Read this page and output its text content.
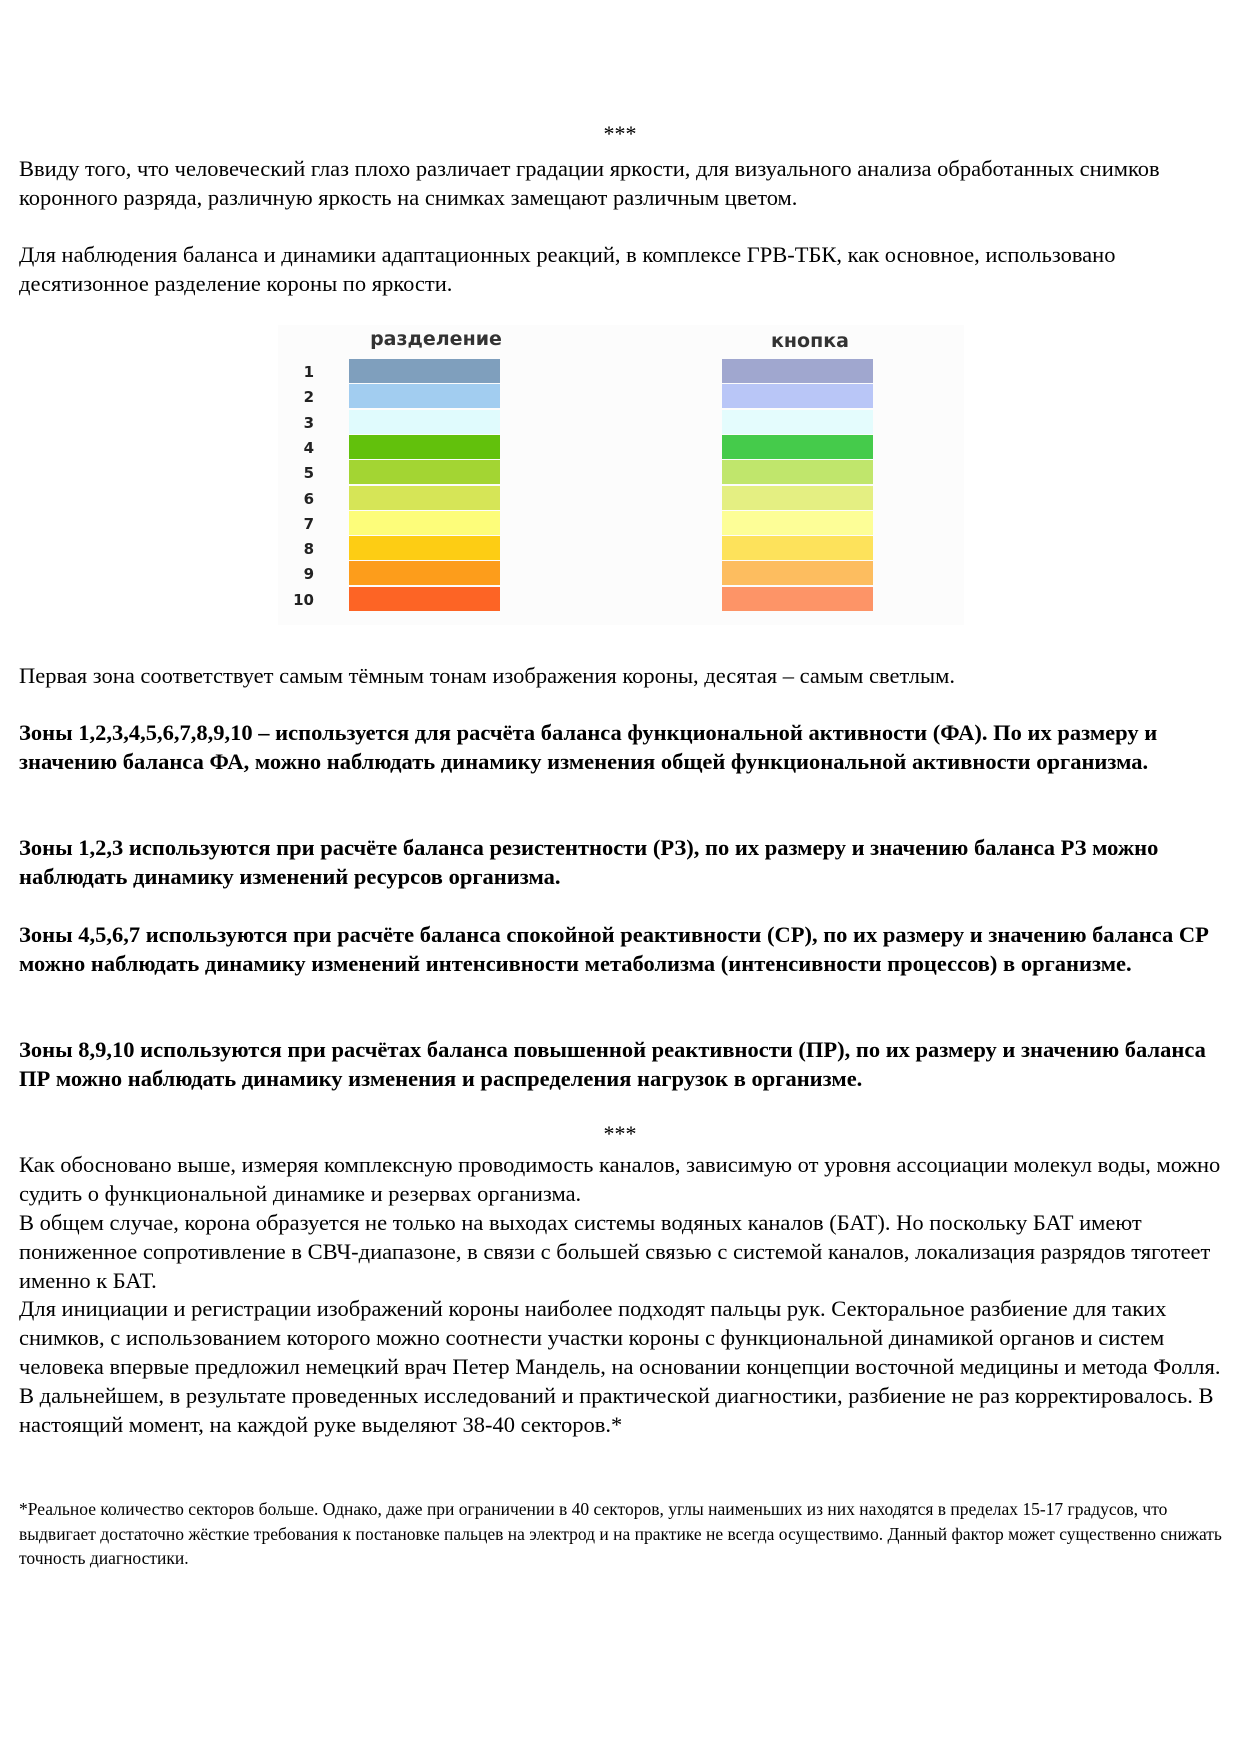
***

Ввиду того, что человеческий глаз плохо различает градации яркости, для визуального анализа обработанных снимков коронного разряда, различную яркость на снимках замещают различным цветом.

Для наблюдения баланса и динамики адаптационных реакций, в комплексе ГРВ-ТБК, как основное, использовано десятизонное разделение короны по яркости.

разделение	кнопка
1
2
3
4
5
6
7
8
9
10

Первая зона соответствует самым тёмным тонам изображения короны, десятая – самым светлым.

Зоны 1,2,3,4,5,6,7,8,9,10 – используется для расчёта баланса функциональной активности (ФА). По их размеру и значению баланса ФА, можно наблюдать динамику изменения общей функциональной активности организма.

Зоны 1,2,3 используются при расчёте баланса резистентности (РЗ), по их размеру и значению баланса РЗ можно наблюдать динамику изменений ресурсов организма.

Зоны 4,5,6,7 используются при расчёте баланса спокойной реактивности (СР), по их размеру и значению баланса СР можно наблюдать динамику изменений интенсивности метаболизма (интенсивности процессов) в организме.

Зоны 8,9,10 используются при расчётах баланса повышенной реактивности (ПР), по их размеру и значению баланса ПР можно наблюдать динамику изменения и распределения нагрузок в организме.

***

Как обосновано выше, измеряя комплексную проводимость каналов, зависимую от уровня ассоциации молекул воды, можно судить о функциональной динамике и резервах организма.

В общем случае, корона образуется не только на выходах системы водяных каналов (БАТ). Но поскольку БАТ имеют пониженное сопротивление в СВЧ-диапазоне, в связи с большей связью с системой каналов, локализация разрядов тяготеет именно к БАТ.

Для инициации и регистрации изображений короны наиболее подходят пальцы рук. Секторальное разбиение для таких снимков, с использованием которого можно соотнести участки короны с функциональной динамикой органов и систем человека впервые предложил немецкий врач Петер Мандель, на основании концепции восточной медицины и метода Фолля. В дальнейшем, в результате проведенных исследований и практической диагностики, разбиение не раз корректировалось. В настоящий момент, на каждой руке выделяют 38-40 секторов.*

*Реальное количество секторов больше. Однако, даже при ограничении в 40 секторов, углы наименьших из них находятся в пределах 15-17 градусов, что выдвигает достаточно жёсткие требования к постановке пальцев на электрод и на практике не всегда осуществимо. Данный фактор может существенно снижать точность диагностики.
